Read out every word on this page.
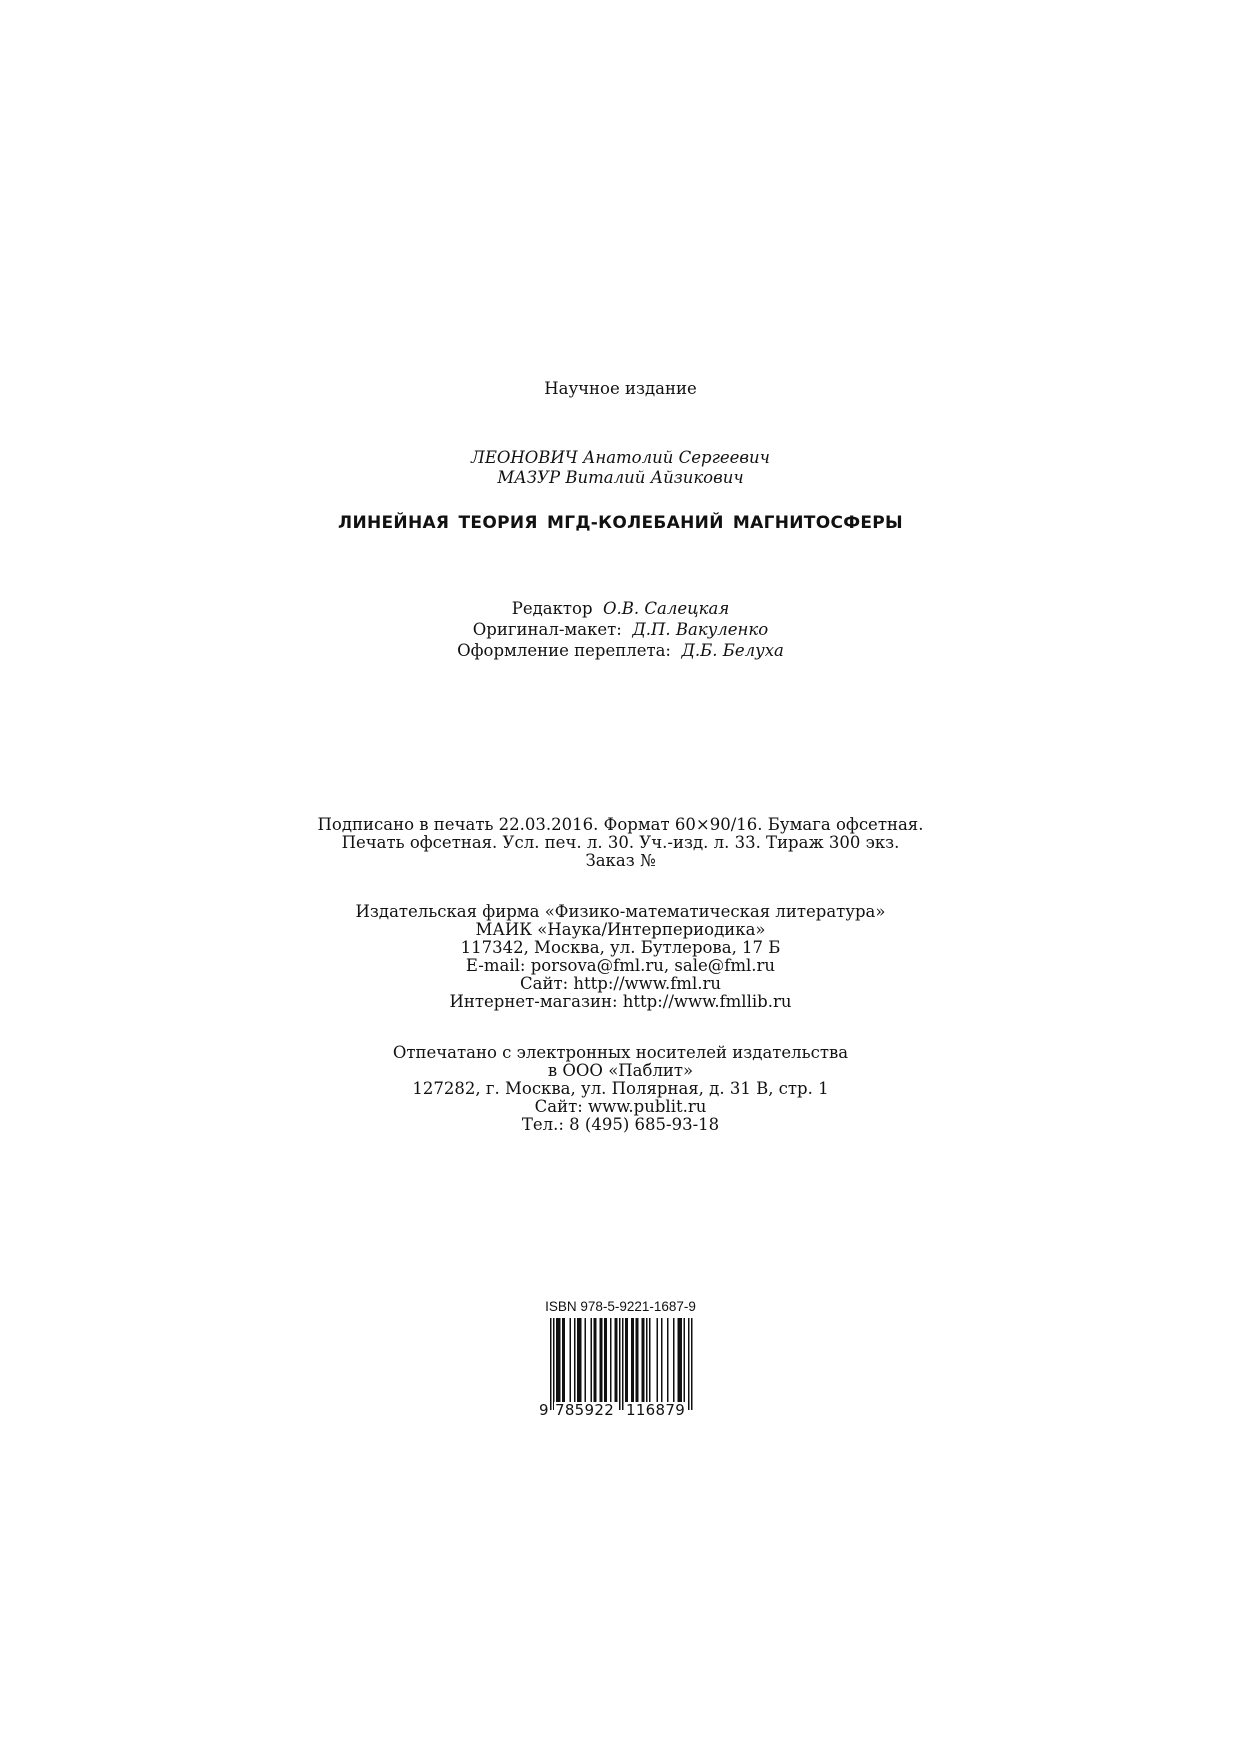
Научное издание
ЛЕОНОВИЧ Анатолий Сергеевич
МАЗУР Виталий Айзикович
ЛИНЕЙНАЯ ТЕОРИЯ МГД-КОЛЕБАНИЙ МАГНИТОСФЕРЫ
Редактор О.В. Салецкая
Оригинал-макет: Д.П. Вакуленко
Оформление переплета: Д.Б. Белуха
Подписано в печать 22.03.2016. Формат 60×90/16. Бумага офсетная.
Печать офсетная. Усл. печ. л. 30. Уч.-изд. л. 33. Тираж 300 экз.
Заказ №
Издательская фирма «Физико-математическая литература»
МАИК «Наука/Интерпериодика»
117342, Москва, ул. Бутлерова, 17 Б
E-mail: porsova@fml.ru, sale@fml.ru
Сайт: http://www.fml.ru
Интернет-магазин: http://www.fmllib.ru
Отпечатано с электронных носителей издательства
в ООО «Паблит»
127282, г. Москва, ул. Полярная, д. 31 В, стр. 1
Сайт: www.publit.ru
Тел.: 8 (495) 685-93-18
ISBN 978-5-9221-1687-9
9 785922 116879
